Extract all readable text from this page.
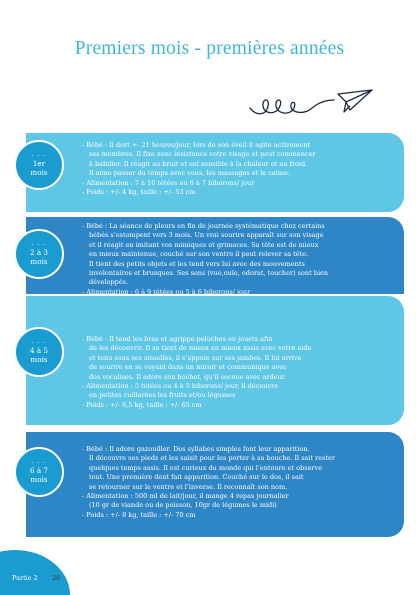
Premiers mois - premières années

- Bébé : Il dort +- 21 heures/jour, lors de son éveil il agite activement

ses membres. Il fixe avec insistance votre visage et peut commencer

à babiller. Il réagit au bruit et est sensible à la chaleur et au froid.

Il aime passer du temps avec vous, les massages et le calme.

- Alimentation : 7 à 10 tétées ou 6 à 7 biberons/ jour

- Poids : +/- 4 kg, taille : +/- 53 cm

- Bébé : La séance de pleurs en fin de journée systématique chez certains

bébés s’estompent vers 3 mois. Un vrai sourire apparaît sur son visage

et il réagit en imitant vos mimiques et grimaces. Sa tête est de mieux

en mieux maintenue, couché sur son ventre il peut relever sa tête.

Il tient des petits objets et les tend vers lui avec des mouvements

involontaires et brusques. Ses sens (vue,ouïe, odorat, toucher) sont bien

développés.

- Alimentation : 6 à 9 tétées ou 5 à 6 biberons/ jour

- Bébé : Il tend les bras et agrippe peluches ou jouets afin

de les découvrir. Il se tient de mieux en mieux assis avec votre aide

et tenu sous ses aisselles, il s’appuie sur ses jambes. Il lui arrive

de sourire en se voyant dans un miroir et communique avec

des vocalises. Il adore son hochet, qu’il secoue avec ardeur.

- Alimentation : 5 tétées ou 4 à 5 biberons/ jour, il découvre

en petites cuillerées les fruits et/ou légumes

- Poids : +/- 6,5 kg, taille : +/- 65 cm

- Bébé : Il adore gazouiller. Des syllabes simples font leur apparition.

Il découvre ses pieds et les saisit pour les porter à sa bouche. Il sait rester

quelques temps assis. Il est curieux du monde qui l’entoure et observe

tout. Une première dent fait apparition. Couché sur le dos, il sait

se retourner sur le ventre et l’inverse. Il reconnaît son nom.

- Alimentation : 500 ml de lait/jour, il mange 4 repas journalier

(10 gr de viande ou de poisson, 10gr de légumes le midi)

- Poids : +/- 8 kg, taille : +/- 70 cm

- - -
1er
mois
- - -
2 à 3
mois
- - -
4 à 5
mois
- - -
6 à 7
mois
Partie 2 26
